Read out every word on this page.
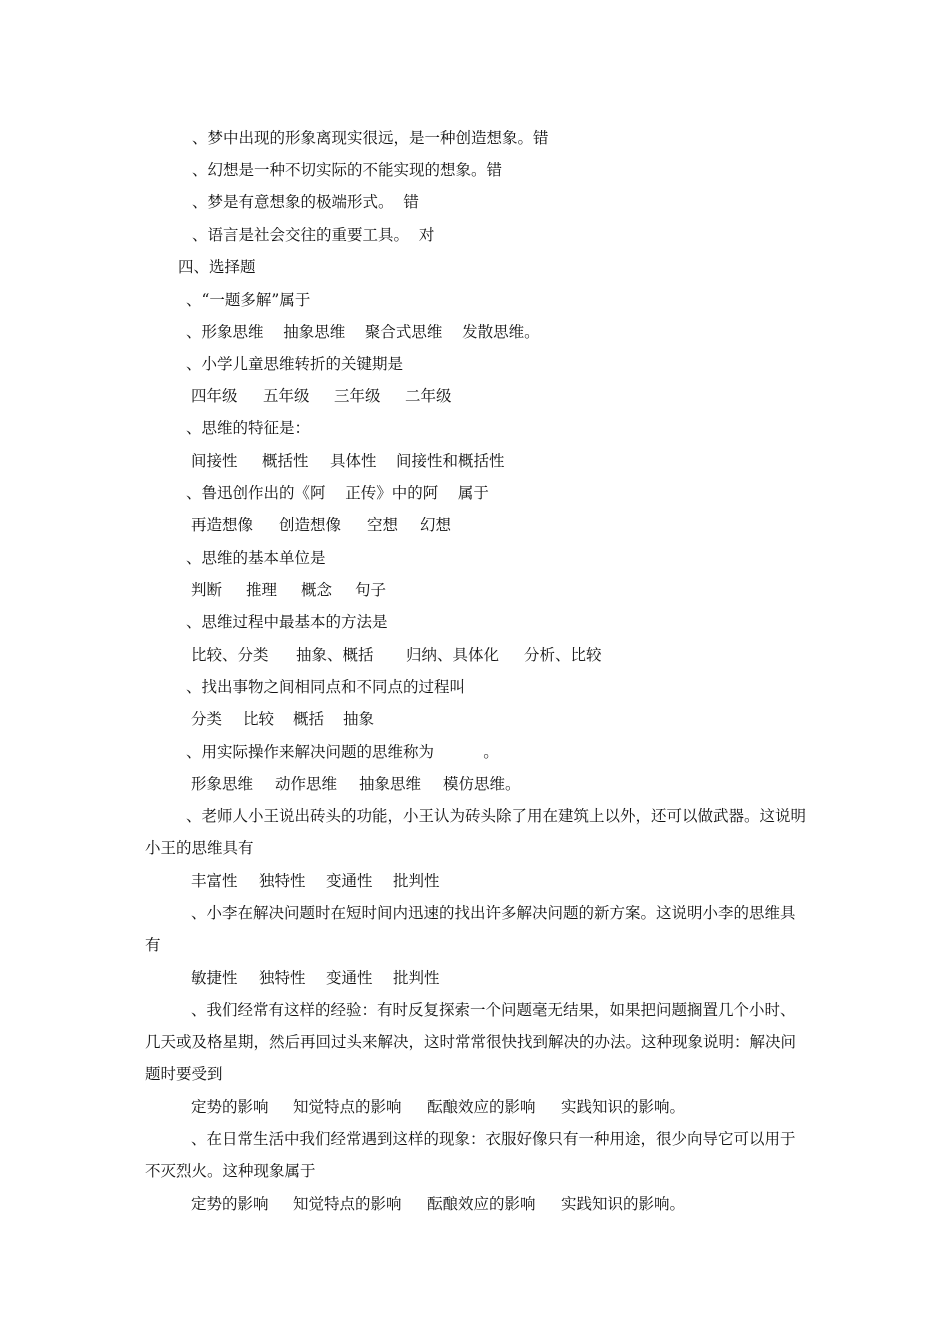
、梦中出现的形象离现实很远，是一种创造想象。错
、幻想是一种不切实际的不能实现的想象。错
、梦是有意想象的极端形式。  错
、语言是社会交往的重要工具。  对
四、选择题
、“一题多解”属于
、形象思维    抽象思维    聚合式思维    发散思维。
、小学儿童思维转折的关键期是
四年级 五年级 三年级 二年级
、思维的特征是：
间接性 概括性 具体性 间接性和概括性
、鲁迅创作出的《阿    正传》中的阿    属于
再造想像 创造想像 空想 幻想
、思维的基本单位是
判断 推理 概念 句子
、思维过程中最基本的方法是
比较、分类 抽象、概括 归纳、具体化 分析、比较
、找出事物之间相同点和不同点的过程叫
分类 比较 概括 抽象
、用实际操作来解决问题的思维称为          。
形象思维 动作思维 抽象思维 模仿思维。
、老师人小王说出砖头的功能，小王认为砖头除了用在建筑上以外，还可以做武器。这说明小王的思维具有
丰富性 独特性 变通性 批判性
、小李在解决问题时在短时间内迅速的找出许多解决问题的新方案。这说明小李的思维具有
敏捷性 独特性 变通性 批判性
、我们经常有这样的经验：有时反复探索一个问题毫无结果，如果把问题搁置几个小时、几天或及格星期，然后再回过头来解决，这时常常很快找到解决的办法。这种现象说明：解决问题时要受到
定势的影响 知觉特点的影响 酝酿效应的影响 实践知识的影响。
、在日常生活中我们经常遇到这样的现象：衣服好像只有一种用途，很少向导它可以用于不灭烈火。这种现象属于
定势的影响 知觉特点的影响 酝酿效应的影响 实践知识的影响。
